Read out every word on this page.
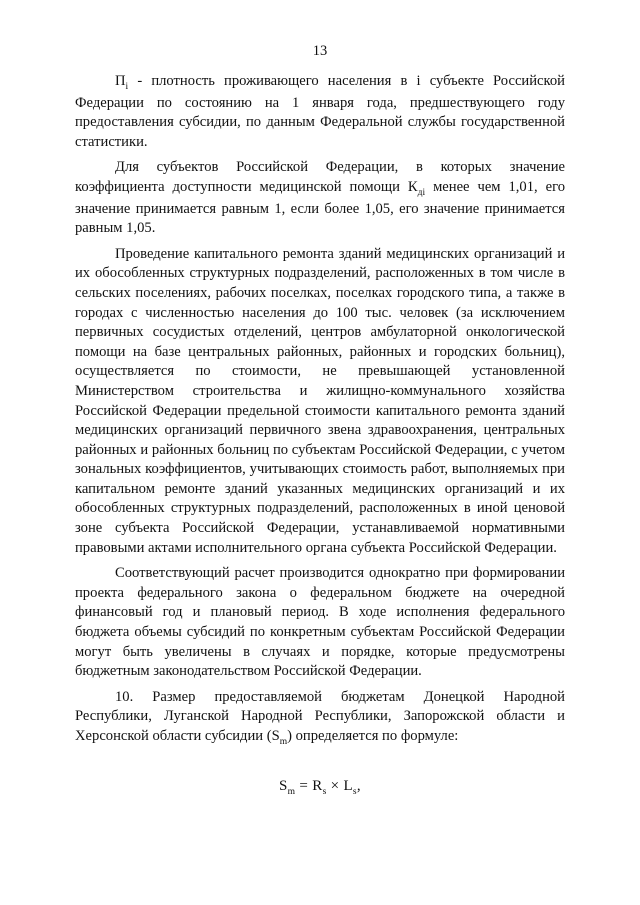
13

$П_i$ - плотность проживающего населения в i субъекте Российской Федерации по состоянию на 1 января года, предшествующего году предоставления субсидии, по данным Федеральной службы государственной статистики.

Для субъектов Российской Федерации, в которых значение коэффициента доступности медицинской помощи $К_{дi}$ менее чем 1,01, его значение принимается равным 1, если более 1,05, его значение принимается равным 1,05.

Проведение капитального ремонта зданий медицинских организаций и их обособленных структурных подразделений, расположенных в том числе в сельских поселениях, рабочих поселках, поселках городского типа, а также в городах с численностью населения до 100 тыс. человек (за исключением первичных сосудистых отделений, центров амбулаторной онкологической помощи на базе центральных районных, районных и городских больниц), осуществляется по стоимости, не превышающей установленной Министерством строительства и жилищно-коммунального хозяйства Российской Федерации предельной стоимости капитального ремонта зданий медицинских организаций первичного звена здравоохранения, центральных районных и районных больниц по субъектам Российской Федерации, с учетом зональных коэффициентов, учитывающих стоимость работ, выполняемых при капитальном ремонте зданий указанных медицинских организаций и их обособленных структурных подразделений, расположенных в иной ценовой зоне субъекта Российской Федерации, устанавливаемой нормативными правовыми актами исполнительного органа субъекта Российской Федерации.

Соответствующий расчет производится однократно при формировании проекта федерального закона о федеральном бюджете на очередной финансовый год и плановый период. В ходе исполнения федерального бюджета объемы субсидий по конкретным субъектам Российской Федерации могут быть увеличены в случаях и порядке, которые предусмотрены бюджетным законодательством Российской Федерации.

10. Размер предоставляемой бюджетам Донецкой Народной Республики, Луганской Народной Республики, Запорожской области и Херсонской области субсидии $(S_m)$ определяется по формуле:

$S_m = R_s \times L_s$,
